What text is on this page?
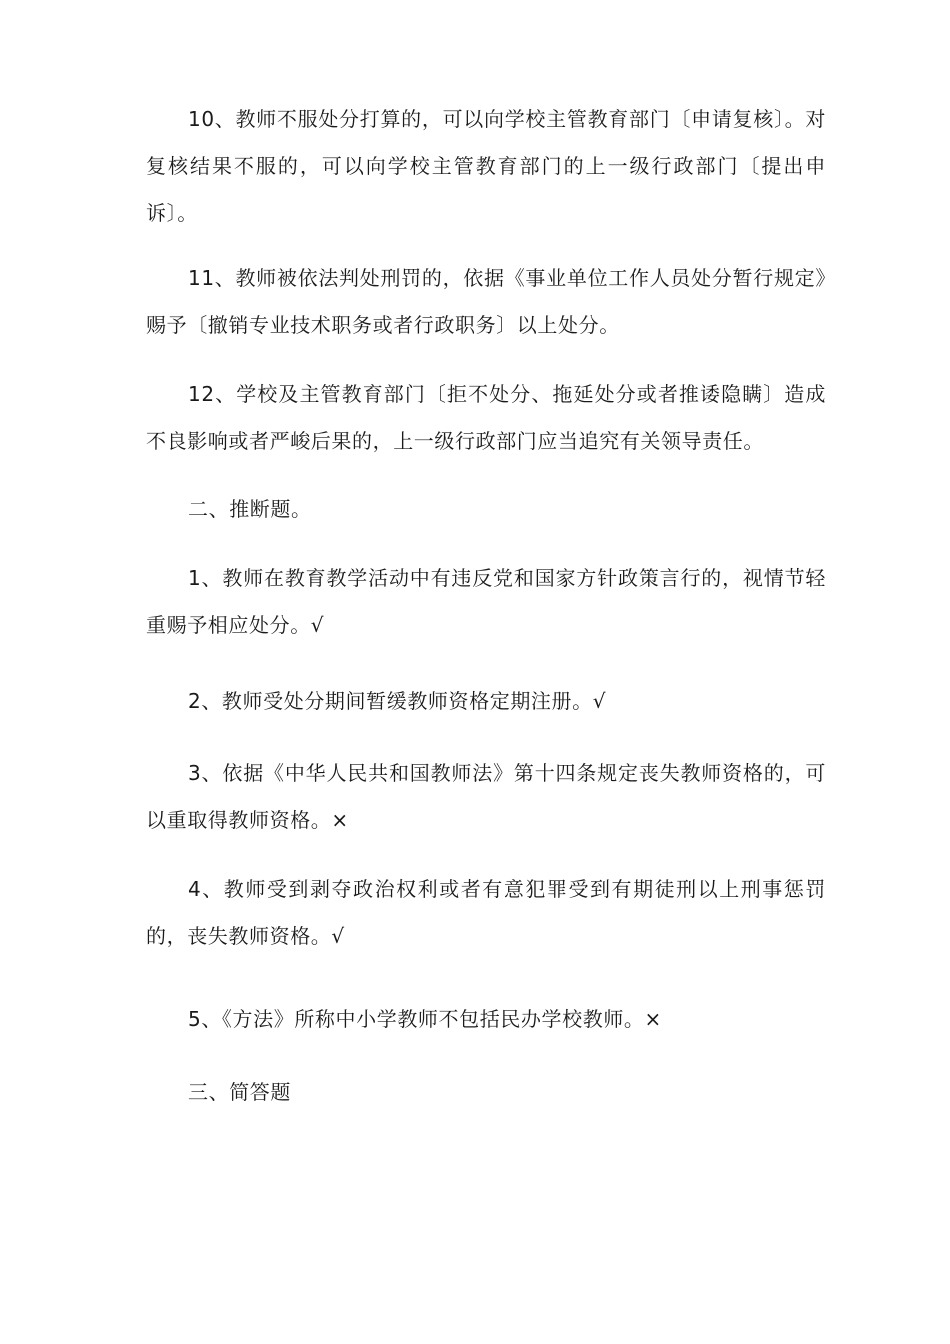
10、教师不服处分打算的，可以向学校主管教育部门〔申请复核〕。对复核结果不服的，可以向学校主管教育部门的上一级行政部门〔提出申诉〕。

11、教师被依法判处刑罚的，依据《事业单位工作人员处分暂行规定》赐予〔撤销专业技术职务或者行政职务〕以上处分。

12、学校及主管教育部门〔拒不处分、拖延处分或者推诿隐瞒〕造成不良影响或者严峻后果的，上一级行政部门应当追究有关领导责任。

二、推断题。

1、教师在教育教学活动中有违反党和国家方针政策言行的，视情节轻重赐予相应处分。√

2、教师受处分期间暂缓教师资格定期注册。√

3、依据《中华人民共和国教师法》第十四条规定丧失教师资格的，可以重取得教师资格。×

4、教师受到剥夺政治权利或者有意犯罪受到有期徒刑以上刑事惩罚的，丧失教师资格。√

5、《方法》所称中小学教师不包括民办学校教师。×

三、简答题
